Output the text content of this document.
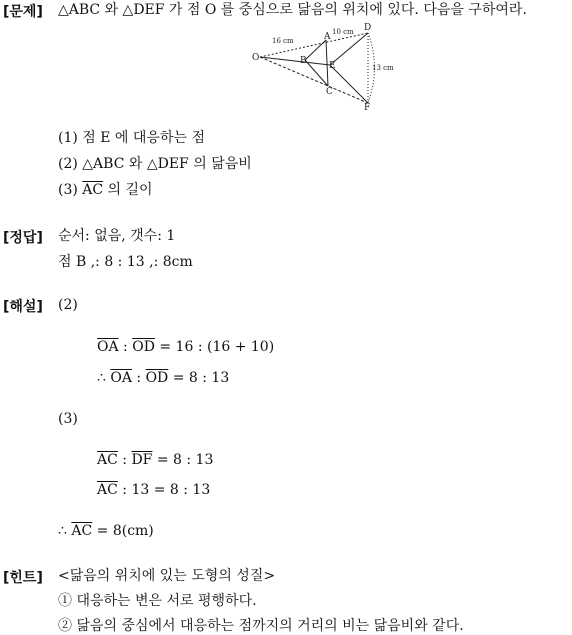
[문제] △ABC 와 △DEF 가 점 O 를 중심으로 닮음의 위치에 있다. 다음을 구하여라.
O
A
B
C
D
E
F
16 cm
10 cm
13 cm
(1) 점 E 에 대응하는 점
(2) △ABC 와 △DEF 의 닮음비
(3) $\overline{AC}$ 의 길이
[정답] 순서: 없음, 갯수: 1
점 B ,: 8 : 13 ,: 8cm
[해설] (2)
$\overline{OA}$ : $\overline{OD} = 16$ : (16 + 10)
∴ $\overline{OA}$ : $\overline{OD} = 8$ : 13
(3)
$\overline{AC}$ : $\overline{DF} = 8$ : 13
$\overline{AC}$ : 13 = 8 : 13
∴ $\overline{AC} = 8(cm)$
[힌트] <닮음의 위치에 있는 도형의 성질>
① 대응하는 변은 서로 평행하다.
② 닮음의 중심에서 대응하는 점까지의 거리의 비는 닮음비와 같다.
